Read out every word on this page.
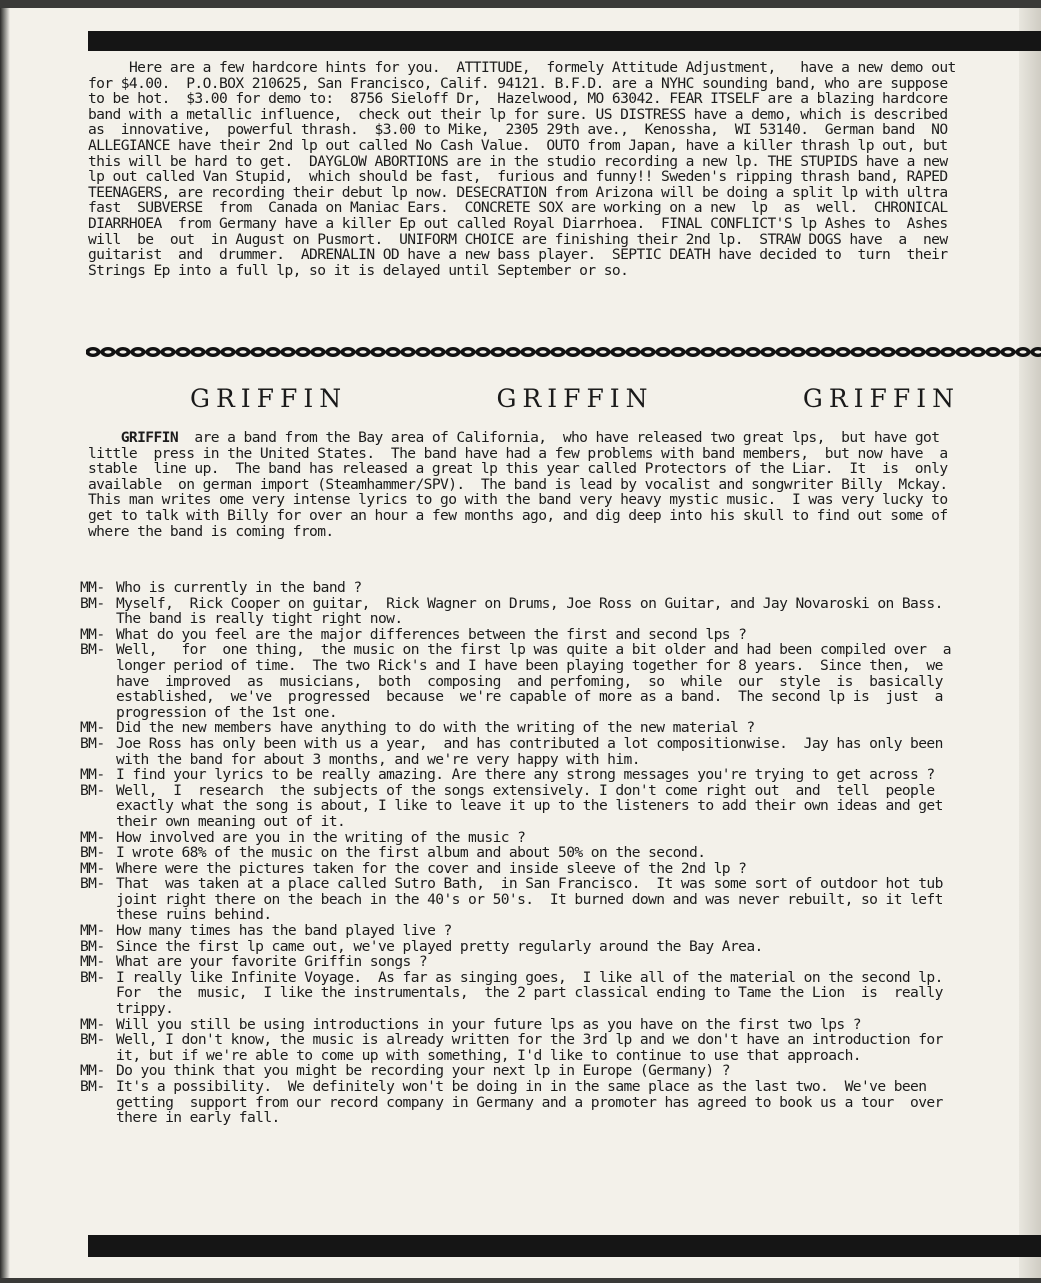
Here are a few hardcore hints for you.  ATTITUDE,  formely Attitude Adjustment,   have a new demo out
for $4.00.  P.O.BOX 210625, San Francisco, Calif. 94121. B.F.D. are a NYHC sounding band, who are suppose
to be hot.  $3.00 for demo to:  8756 Sieloff Dr,  Hazelwood, MO 63042. FEAR ITSELF are a blazing hardcore
band with a metallic influence,  check out their lp for sure. US DISTRESS have a demo, which is described
as  innovative,  powerful thrash.  $3.00 to Mike,  2305 29th ave.,  Kenossha,  WI 53140.  German band  NO
ALLEGIANCE have their 2nd lp out called No Cash Value.  OUTO from Japan, have a killer thrash lp out, but
this will be hard to get.  DAYGLOW ABORTIONS are in the studio recording a new lp. THE STUPIDS have a new
lp out called Van Stupid,  which should be fast,  furious and funny!! Sweden's ripping thrash band, RAPED
TEENAGERS, are recording their debut lp now. DESECRATION from Arizona will be doing a split lp with ultra
fast  SUBVERSE  from  Canada on Maniac Ears.  CONCRETE SOX are working on a new  lp  as  well.  CHRONICAL
DIARRHOEA  from Germany have a killer Ep out called Royal Diarrhoea.  FINAL CONFLICT'S lp Ashes to  Ashes
will  be  out  in August on Pusmort.  UNIFORM CHOICE are finishing their 2nd lp.  STRAW DOGS have  a  new
guitarist  and  drummer.  ADRENALIN OD have a new bass player.  SEPTIC DEATH have decided to  turn  their
Strings Ep into a full lp, so it is delayed until September or so.
GRIFFIN	GRIFFIN	GRIFFIN
GRIFFIN  are a band from the Bay area of California,  who have released two great lps,  but have got

little  press in the United States.  The band have had a few problems with band members,  but now have  a
stable  line up.  The band has released a great lp this year called Protectors of the Liar.  It  is  only
available  on german import (Steamhammer/SPV).  The band is lead by vocalist and songwriter Billy  Mckay.
This man writes ome very intense lyrics to go with the band very heavy mystic music.  I was very lucky to
get to talk with Billy for over an hour a few months ago, and dig deep into his skull to find out some of
where the band is coming from.
MM- Who is currently in the band ?
BM- Myself,  Rick Cooper on guitar,  Rick Wagner on Drums, Joe Ross on Guitar, and Jay Novaroski on Bass.
The band is really tight right now.
MM- What do you feel are the major differences between the first and second lps ?
BM- Well,   for  one thing,  the music on the first lp was quite a bit older and had been compiled over  a
longer period of time.  The two Rick's and I have been playing together for 8 years.  Since then,  we
have  improved  as  musicians,  both  composing  and perfoming,  so  while  our  style  is  basically
established,  we've  progressed  because  we're capable of more as a band.  The second lp is  just  a
progression of the 1st one.
MM- Did the new members have anything to do with the writing of the new material ?
BM- Joe Ross has only been with us a year,  and has contributed a lot compositionwise.  Jay has only been
with the band for about 3 months, and we're very happy with him.
MM- I find your lyrics to be really amazing. Are there any strong messages you're trying to get across ?
BM- Well,  I  research  the subjects of the songs extensively. I don't come right out  and  tell  people
exactly what the song is about, I like to leave it up to the listeners to add their own ideas and get
their own meaning out of it.
MM- How involved are you in the writing of the music ?
BM- I wrote 68% of the music on the first album and about 50% on the second.
MM- Where were the pictures taken for the cover and inside sleeve of the 2nd lp ?
BM- That  was taken at a place called Sutro Bath,  in San Francisco.  It was some sort of outdoor hot tub
joint right there on the beach in the 40's or 50's.  It burned down and was never rebuilt, so it left
these ruins behind.
MM- How many times has the band played live ?
BM- Since the first lp came out, we've played pretty regularly around the Bay Area.
MM- What are your favorite Griffin songs ?
BM- I really like Infinite Voyage.  As far as singing goes,  I like all of the material on the second lp.
For  the  music,  I like the instrumentals,  the 2 part classical ending to Tame the Lion  is  really
trippy.
MM- Will you still be using introductions in your future lps as you have on the first two lps ?
BM- Well, I don't know, the music is already written for the 3rd lp and we don't have an introduction for
it, but if we're able to come up with something, I'd like to continue to use that approach.
MM- Do you think that you might be recording your next lp in Europe (Germany) ?
BM- It's a possibility.  We definitely won't be doing in in the same place as the last two.  We've been
getting  support from our record company in Germany and a promoter has agreed to book us a tour  over
there in early fall.
